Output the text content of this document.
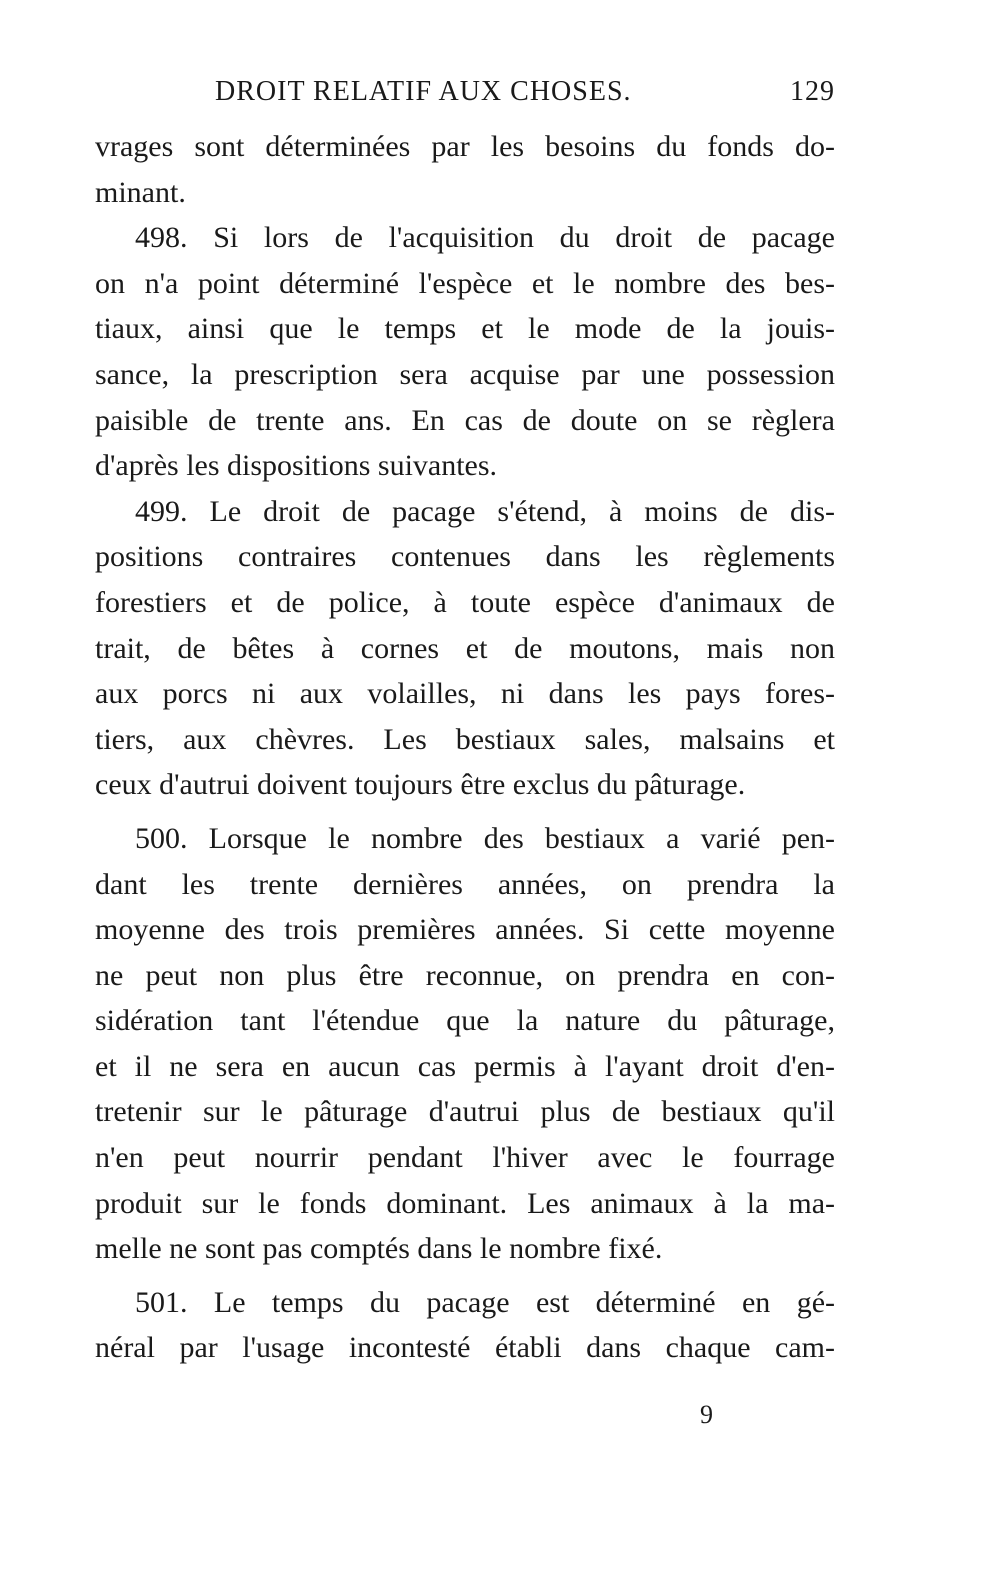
DROIT RELATIF AUX CHOSES.	129
vrages sont déterminées par les besoins du fonds do-
minant.
498. Si lors de l'acquisition du droit de pacage
on n'a point déterminé l'espèce et le nombre des bes-
tiaux, ainsi que le temps et le mode de la jouis-
sance, la prescription sera acquise par une possession
paisible de trente ans. En cas de doute on se règlera
d'après les dispositions suivantes.
499. Le droit de pacage s'étend, à moins de dis-
positions contraires contenues dans les règlements
forestiers et de police, à toute espèce d'animaux de
trait, de bêtes à cornes et de moutons, mais non
aux porcs ni aux volailles, ni dans les pays fores-
tiers, aux chèvres. Les bestiaux sales, malsains et
ceux d'autrui doivent toujours être exclus du pâturage.
500. Lorsque le nombre des bestiaux a varié pen-
dant les trente dernières années, on prendra la
moyenne des trois premières années. Si cette moyenne
ne peut non plus être reconnue, on prendra en con-
sidération tant l'étendue que la nature du pâturage,
et il ne sera en aucun cas permis à l'ayant droit d'en-
tretenir sur le pâturage d'autrui plus de bestiaux qu'il
n'en peut nourrir pendant l'hiver avec le fourrage
produit sur le fonds dominant. Les animaux à la ma-
melle ne sont pas comptés dans le nombre fixé.
501. Le temps du pacage est déterminé en gé-
néral par l'usage incontesté établi dans chaque cam-
9
